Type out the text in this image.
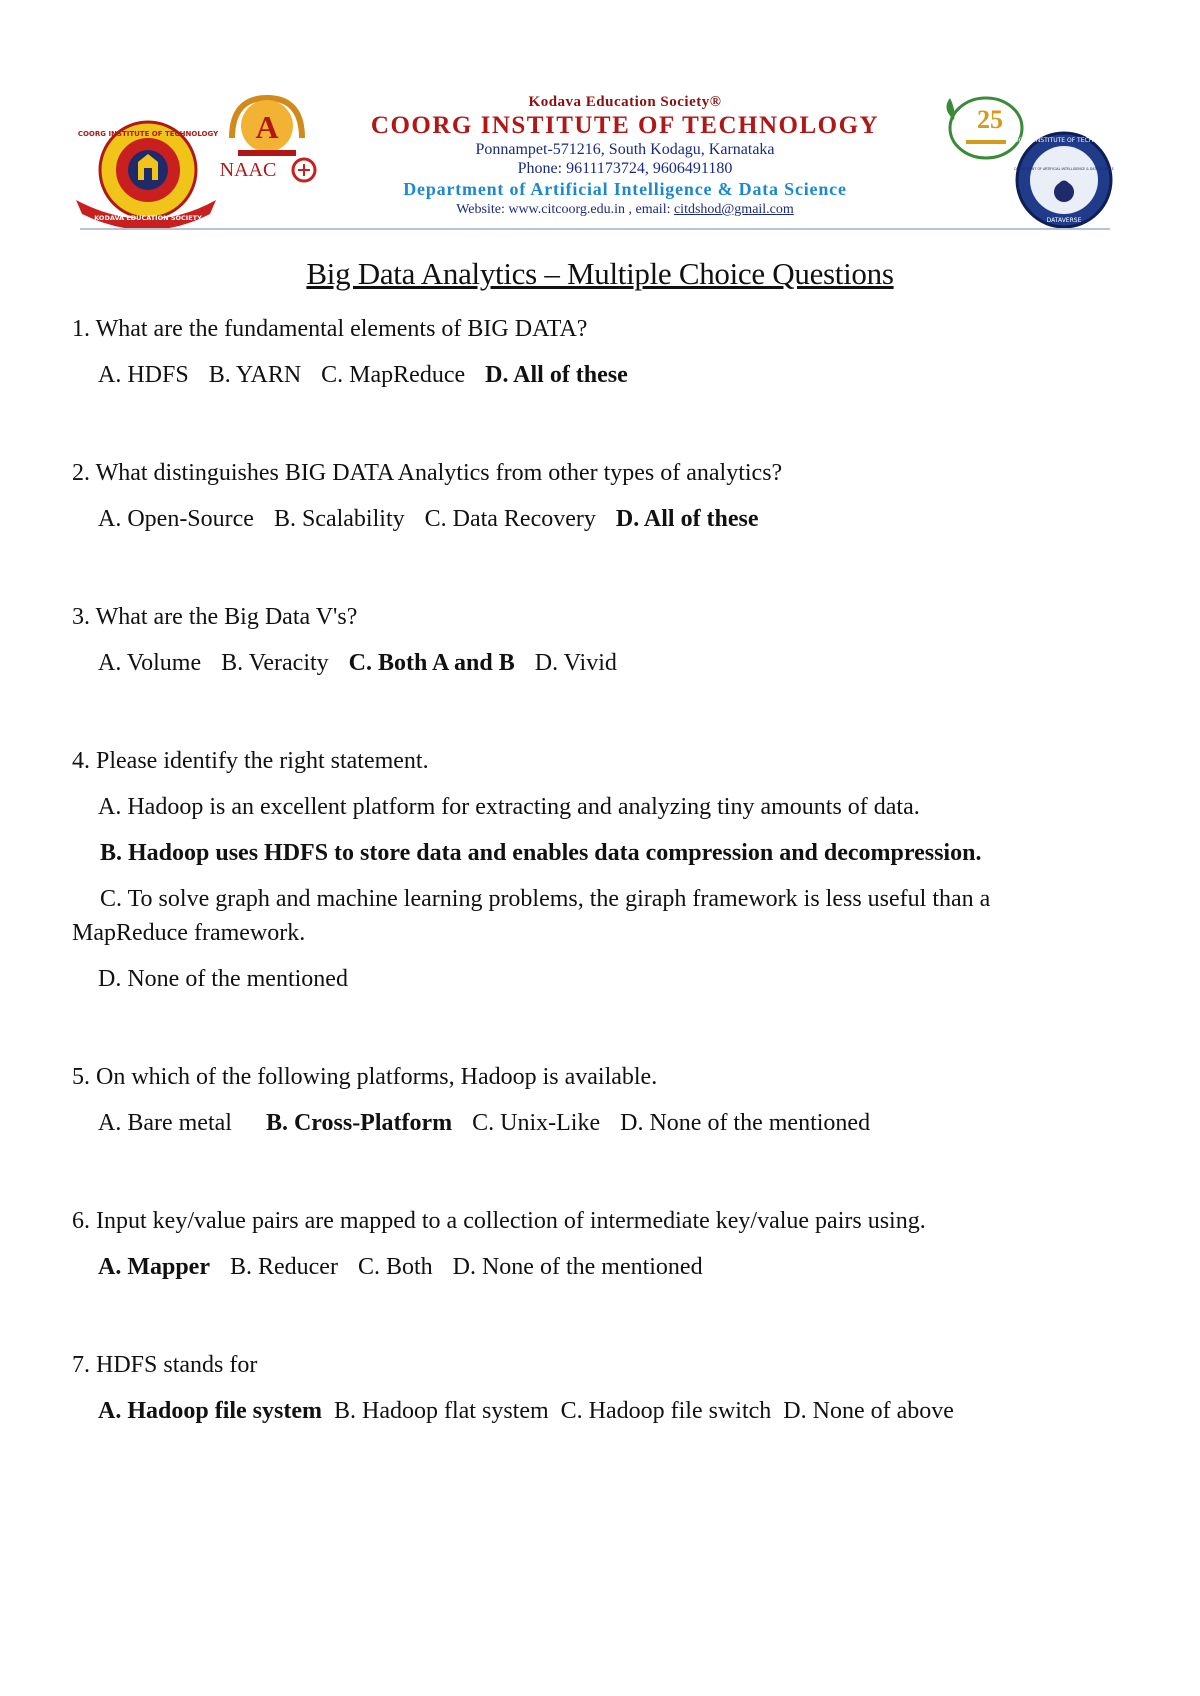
COORG INSTITUTE OF TECHNOLOGY
KODAVA EDUCATION SOCIETY
A
NAAC
Kodava Education Society®
COORG INSTITUTE OF TECHNOLOGY
Ponnampet-571216, South Kodagu, Karnataka
Phone: 9611173724, 9606491180
Department of Artificial Intelligence & Data Science
Website: www.citcoorg.edu.in , email: citdshod@gmail.com
25
COORG INSTITUTE OF TECHNOLOGY
DEPARTMENT OF ARTIFICIAL INTELLIGENCE & DATA SCIENCE
DATAVERSE
Big Data Analytics – Multiple Choice Questions

1. What are the fundamental elements of BIG DATA?

A. HDFS B. YARN C. MapReduce D. All of these

2. What distinguishes BIG DATA Analytics from other types of analytics?

A. Open-Source B. Scalability C. Data Recovery D. All of these

3. What are the Big Data V's?

A. Volume B. Veracity C. Both A and B D. Vivid

4. Please identify the right statement.

A. Hadoop is an excellent platform for extracting and analyzing tiny amounts of data.

B. Hadoop uses HDFS to store data and enables data compression and decompression.

C. To solve graph and machine learning problems, the giraph framework is less useful than a MapReduce framework.

D. None of the mentioned

5. On which of the following platforms, Hadoop is available.

A. Bare metal B. Cross-Platform C. Unix-Like D. None of the mentioned

6. Input key/value pairs are mapped to a collection of intermediate key/value pairs using.

A. Mapper B. Reducer C. Both D. None of the mentioned

7. HDFS stands for

A. Hadoop file system B. Hadoop flat system C. Hadoop file switch D. None of above
